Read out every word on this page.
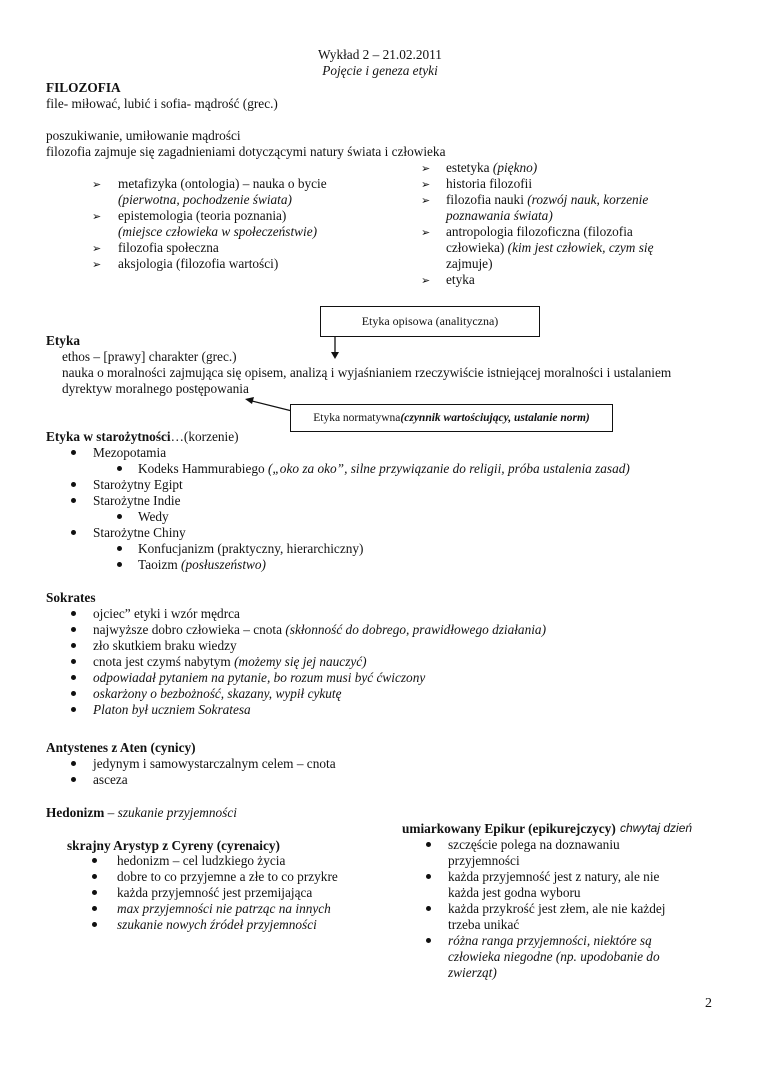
Wykład 2 – 21.02.2011
Pojęcie i geneza etyki
FILOZOFIA
file- miłować, lubić i sofia- mądrość (grec.)
poszukiwanie, umiłowanie mądrości
filozofia zajmuje się zagadnieniami dotyczącymi natury świata i człowieka
➢ metafizyka (ontologia) – nauka o bycie
(pierwotna, pochodzenie świata)
➢ epistemologia (teoria poznania)
(miejsce człowieka w społeczeństwie)
➢ filozofia społeczna
➢ aksjologia (filozofia wartości)
➢ estetyka (piękno)
➢ historia filozofii
➢ filozofia nauki (rozwój nauk, korzenie
poznawania świata)
➢ antropologia filozoficzna (filozofia
człowieka) (kim jest człowiek, czym się
zajmuje)
➢ etyka
Etyka opisowa (analityczna)
Etyka
ethos – [prawy] charakter (grec.)
nauka o moralności zajmująca się opisem, analizą i wyjaśnianiem rzeczywiście istniejącej moralności i ustalaniem
dyrektyw moralnego postępowania
Etyka normatywna (czynnik wartościujący, ustalanie norm)
Etyka w starożytności…(korzenie)
Mezopotamia
Kodeks Hammurabiego („oko za oko”, silne przywiązanie do religii, próba ustalenia zasad)
Starożytny Egipt
Starożytne Indie
Wedy
Starożytne Chiny
Konfucjanizm (praktyczny, hierarchiczny)
Taoizm (posłuszeństwo)
Sokrates
ojciec” etyki i wzór mędrca
najwyższe dobro człowieka – cnota (skłonność do dobrego, prawidłowego działania)
zło skutkiem braku wiedzy
cnota jest czymś nabytym (możemy się jej nauczyć)
odpowiadał pytaniem na pytanie, bo rozum musi być ćwiczony
oskarżony o bezbożność, skazany, wypił cykutę
Platon był uczniem Sokratesa
Antystenes z Aten (cynicy)
jedynym i samowystarczalnym celem – cnota
asceza
Hedonizm – szukanie przyjemności
skrajny Arystyp z Cyreny (cyrenaicy)
hedonizm – cel ludzkiego życia
dobre to co przyjemne a złe to co przykre
każda przyjemność jest przemijająca
max przyjemności nie patrząc na innych
szukanie nowych źródeł przyjemności
umiarkowany Epikur (epikurejczycy) chwytaj dzień
szczęście polega na doznawaniu
przyjemności
każda przyjemność jest z natury, ale nie
każda jest godna wyboru
każda przykrość jest złem, ale nie każdej
trzeba unikać
różna ranga przyjemności, niektóre są
człowieka niegodne (np. upodobanie do
zwierząt)
2
